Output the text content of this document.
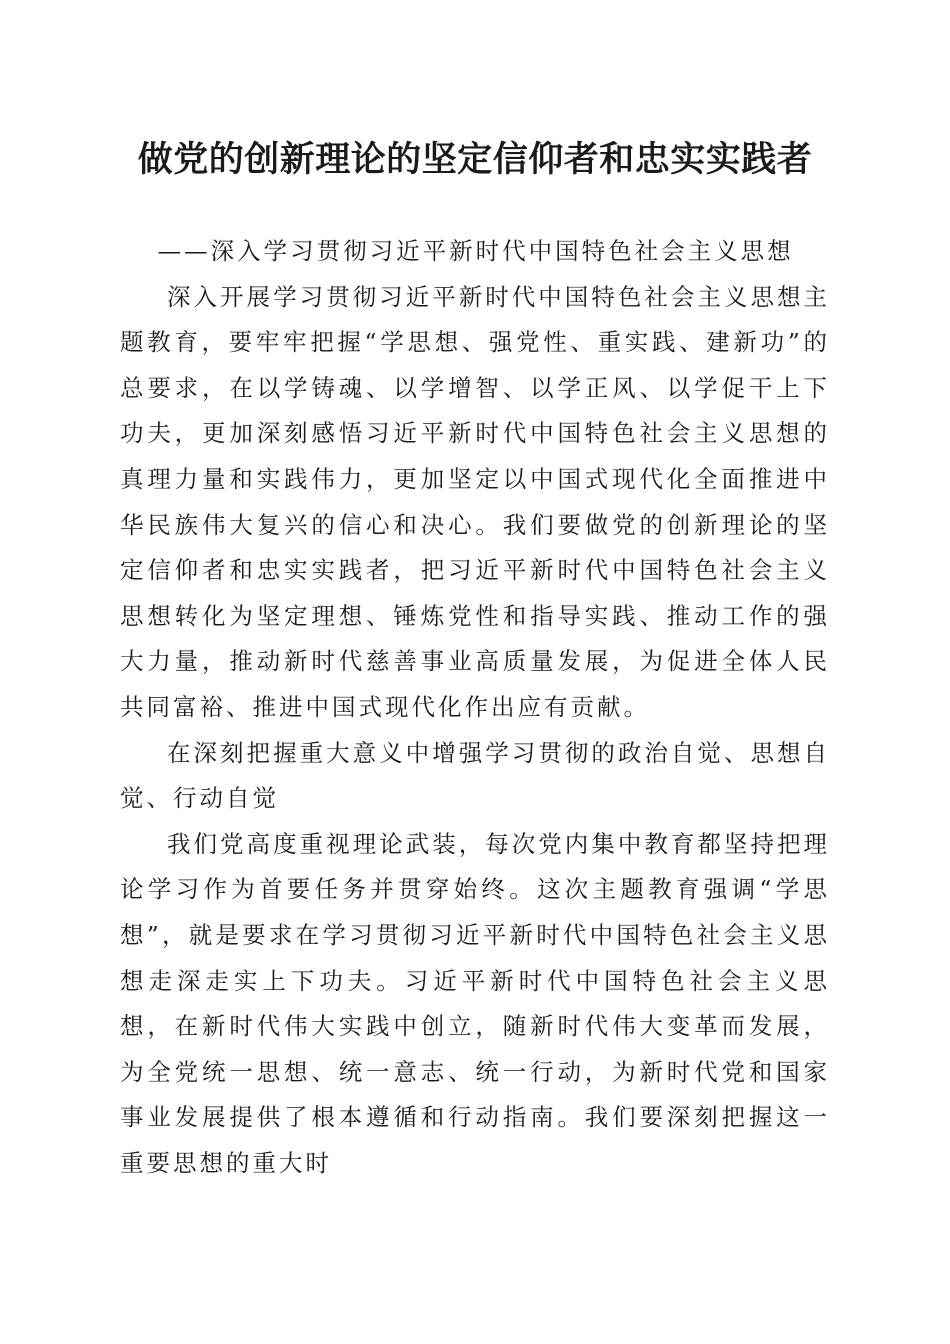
做党的创新理论的坚定信仰者和忠实实践者

——深入学习贯彻习近平新时代中国特色社会主义思想

深入开展学习贯彻习近平新时代中国特色社会主义思想主题教育，要牢牢把握“学思想、强党性、重实践、建新功”的总要求，在以学铸魂、以学增智、以学正风、以学促干上下功夫，更加深刻感悟习近平新时代中国特色社会主义思想的真理力量和实践伟力，更加坚定以中国式现代化全面推进中华民族伟大复兴的信心和决心。我们要做党的创新理论的坚定信仰者和忠实实践者，把习近平新时代中国特色社会主义思想转化为坚定理想、锤炼党性和指导实践、推动工作的强大力量，推动新时代慈善事业高质量发展，为促进全体人民共同富裕、推进中国式现代化作出应有贡献。

在深刻把握重大意义中增强学习贯彻的政治自觉、思想自觉、行动自觉

我们党高度重视理论武装，每次党内集中教育都坚持把理论学习作为首要任务并贯穿始终。这次主题教育强调“学思想”，就是要求在学习贯彻习近平新时代中国特色社会主义思想走深走实上下功夫。习近平新时代中国特色社会主义思想，在新时代伟大实践中创立，随新时代伟大变革而发展，为全党统一思想、统一意志、统一行动，为新时代党和国家事业发展提供了根本遵循和行动指南。我们要深刻把握这一重要思想的重大时
